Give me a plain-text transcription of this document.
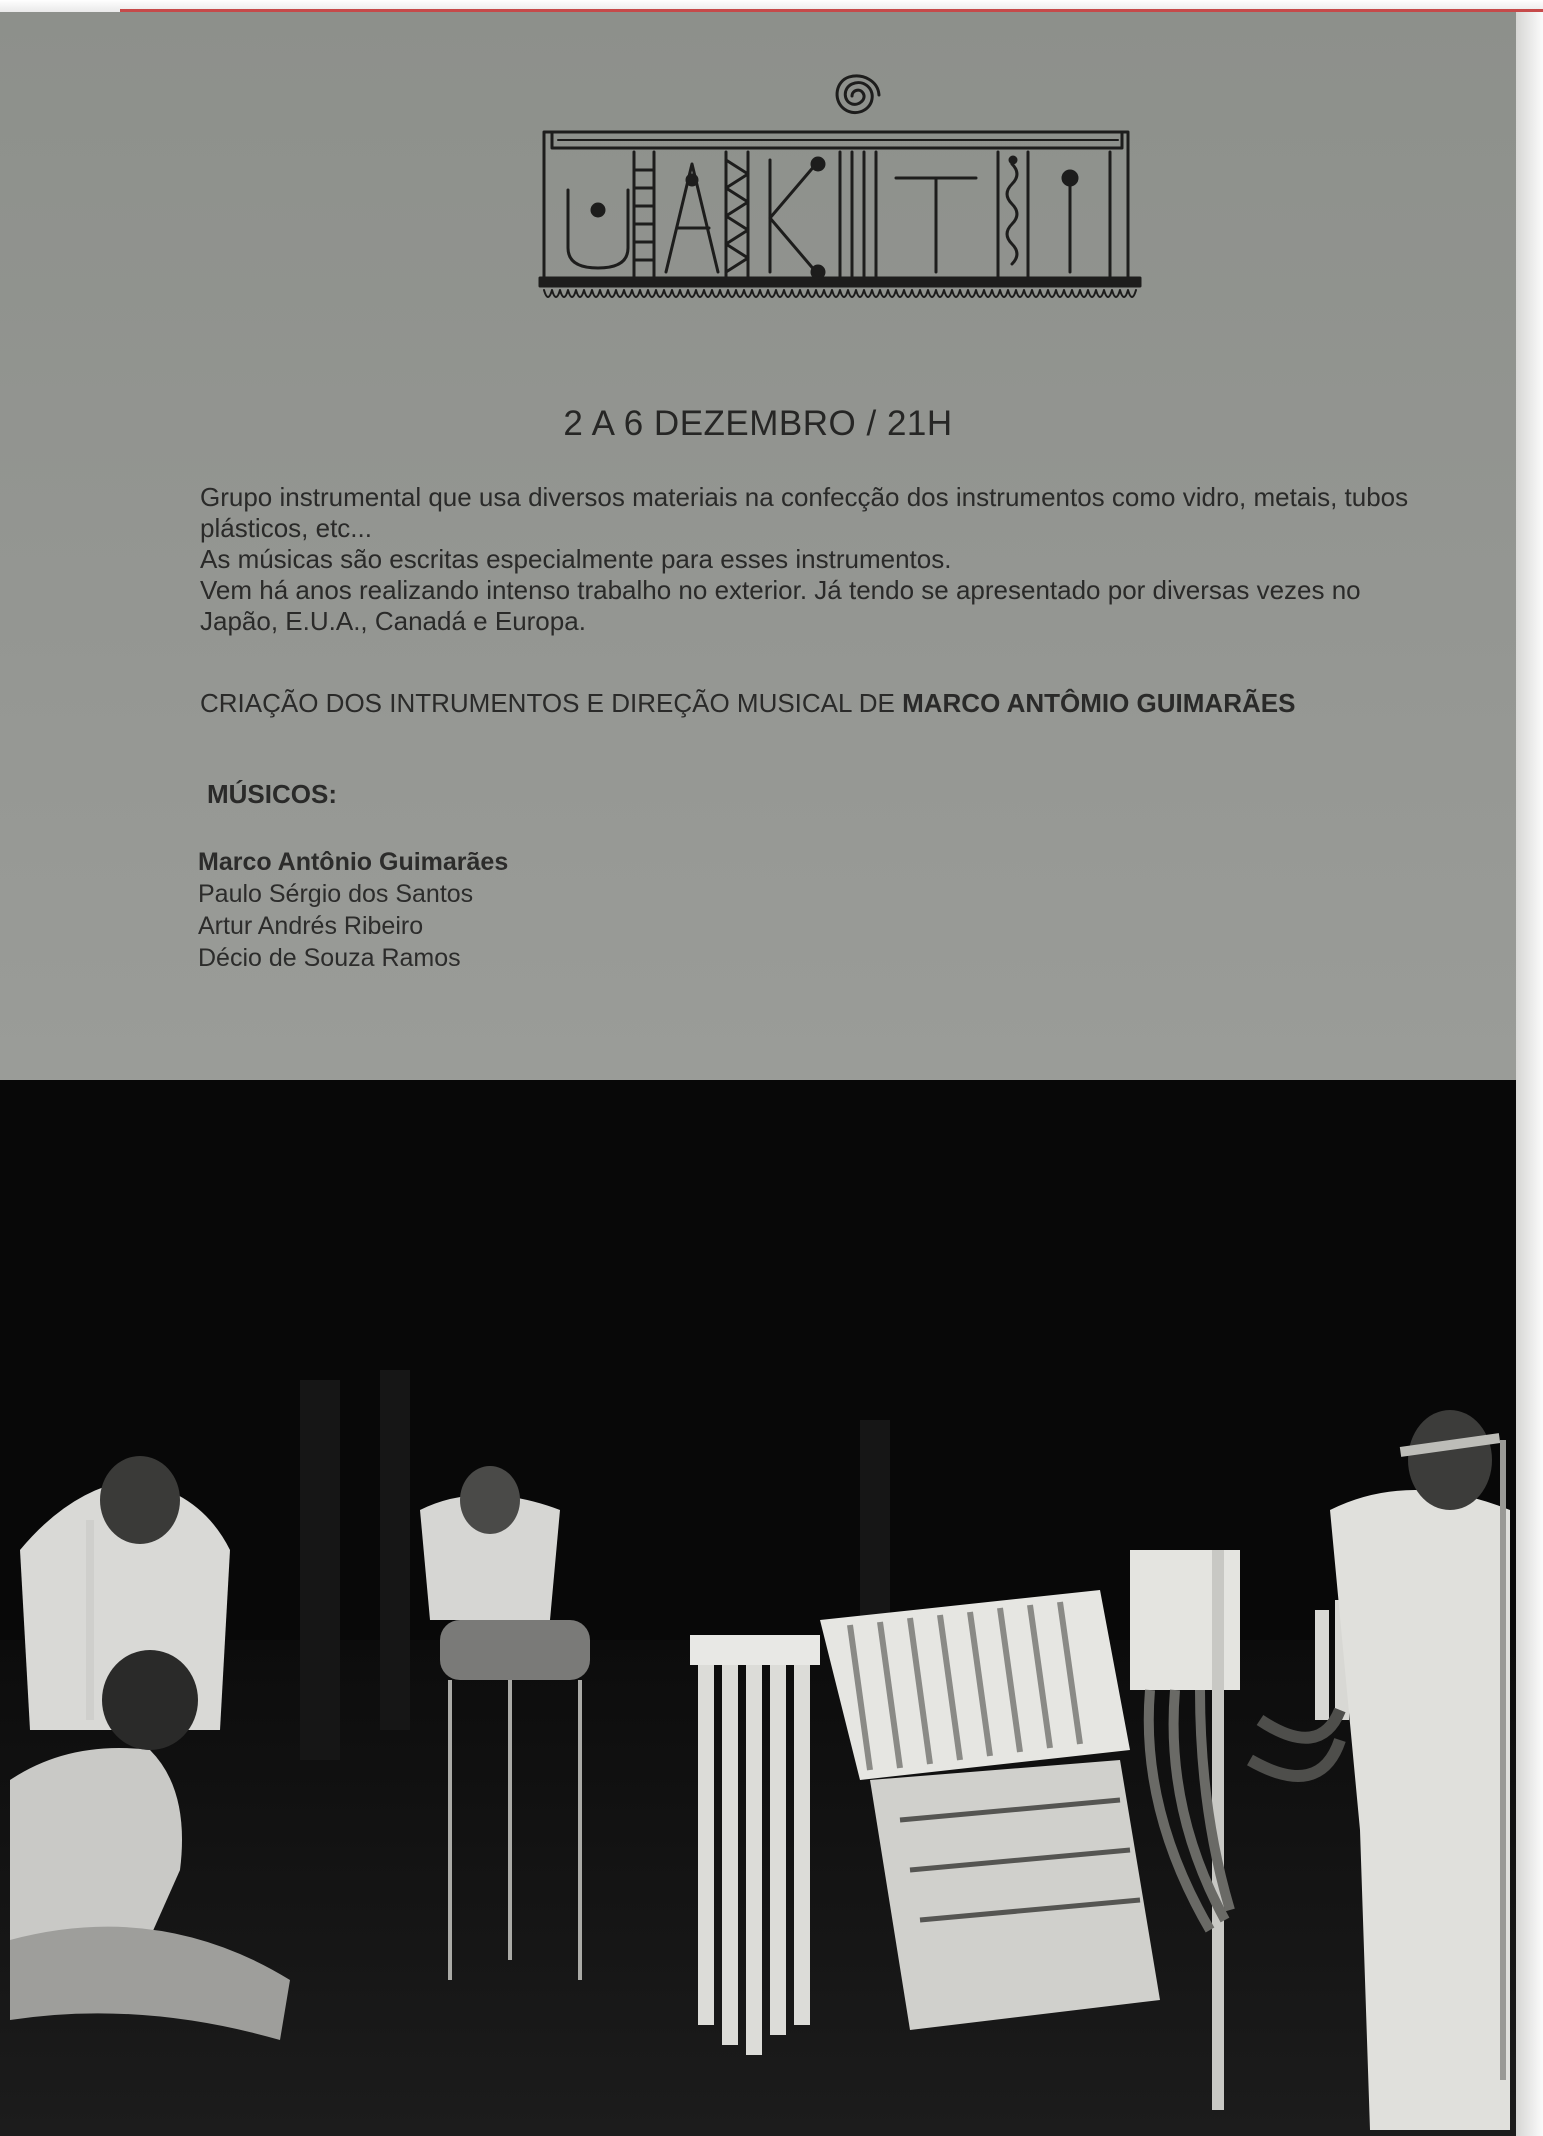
2 A 6 DEZEMBRO / 21H

Grupo instrumental que usa diversos materiais na confecção dos instrumentos como vidro, metais, tubos plásticos, etc...

As músicas são escritas especialmente para esses instrumentos.

Vem há anos realizando intenso trabalho no exterior. Já tendo se apresentado por diversas vezes no Japão, E.U.A., Canadá e Europa.

CRIAÇÃO DOS INTRUMENTOS E DIREÇÃO MUSICAL DE MARCO ANTÔMIO GUIMARÃES
MÚSICOS:
Marco Antônio Guimarães
Paulo Sérgio dos Santos
Artur Andrés Ribeiro
Décio de Souza Ramos
